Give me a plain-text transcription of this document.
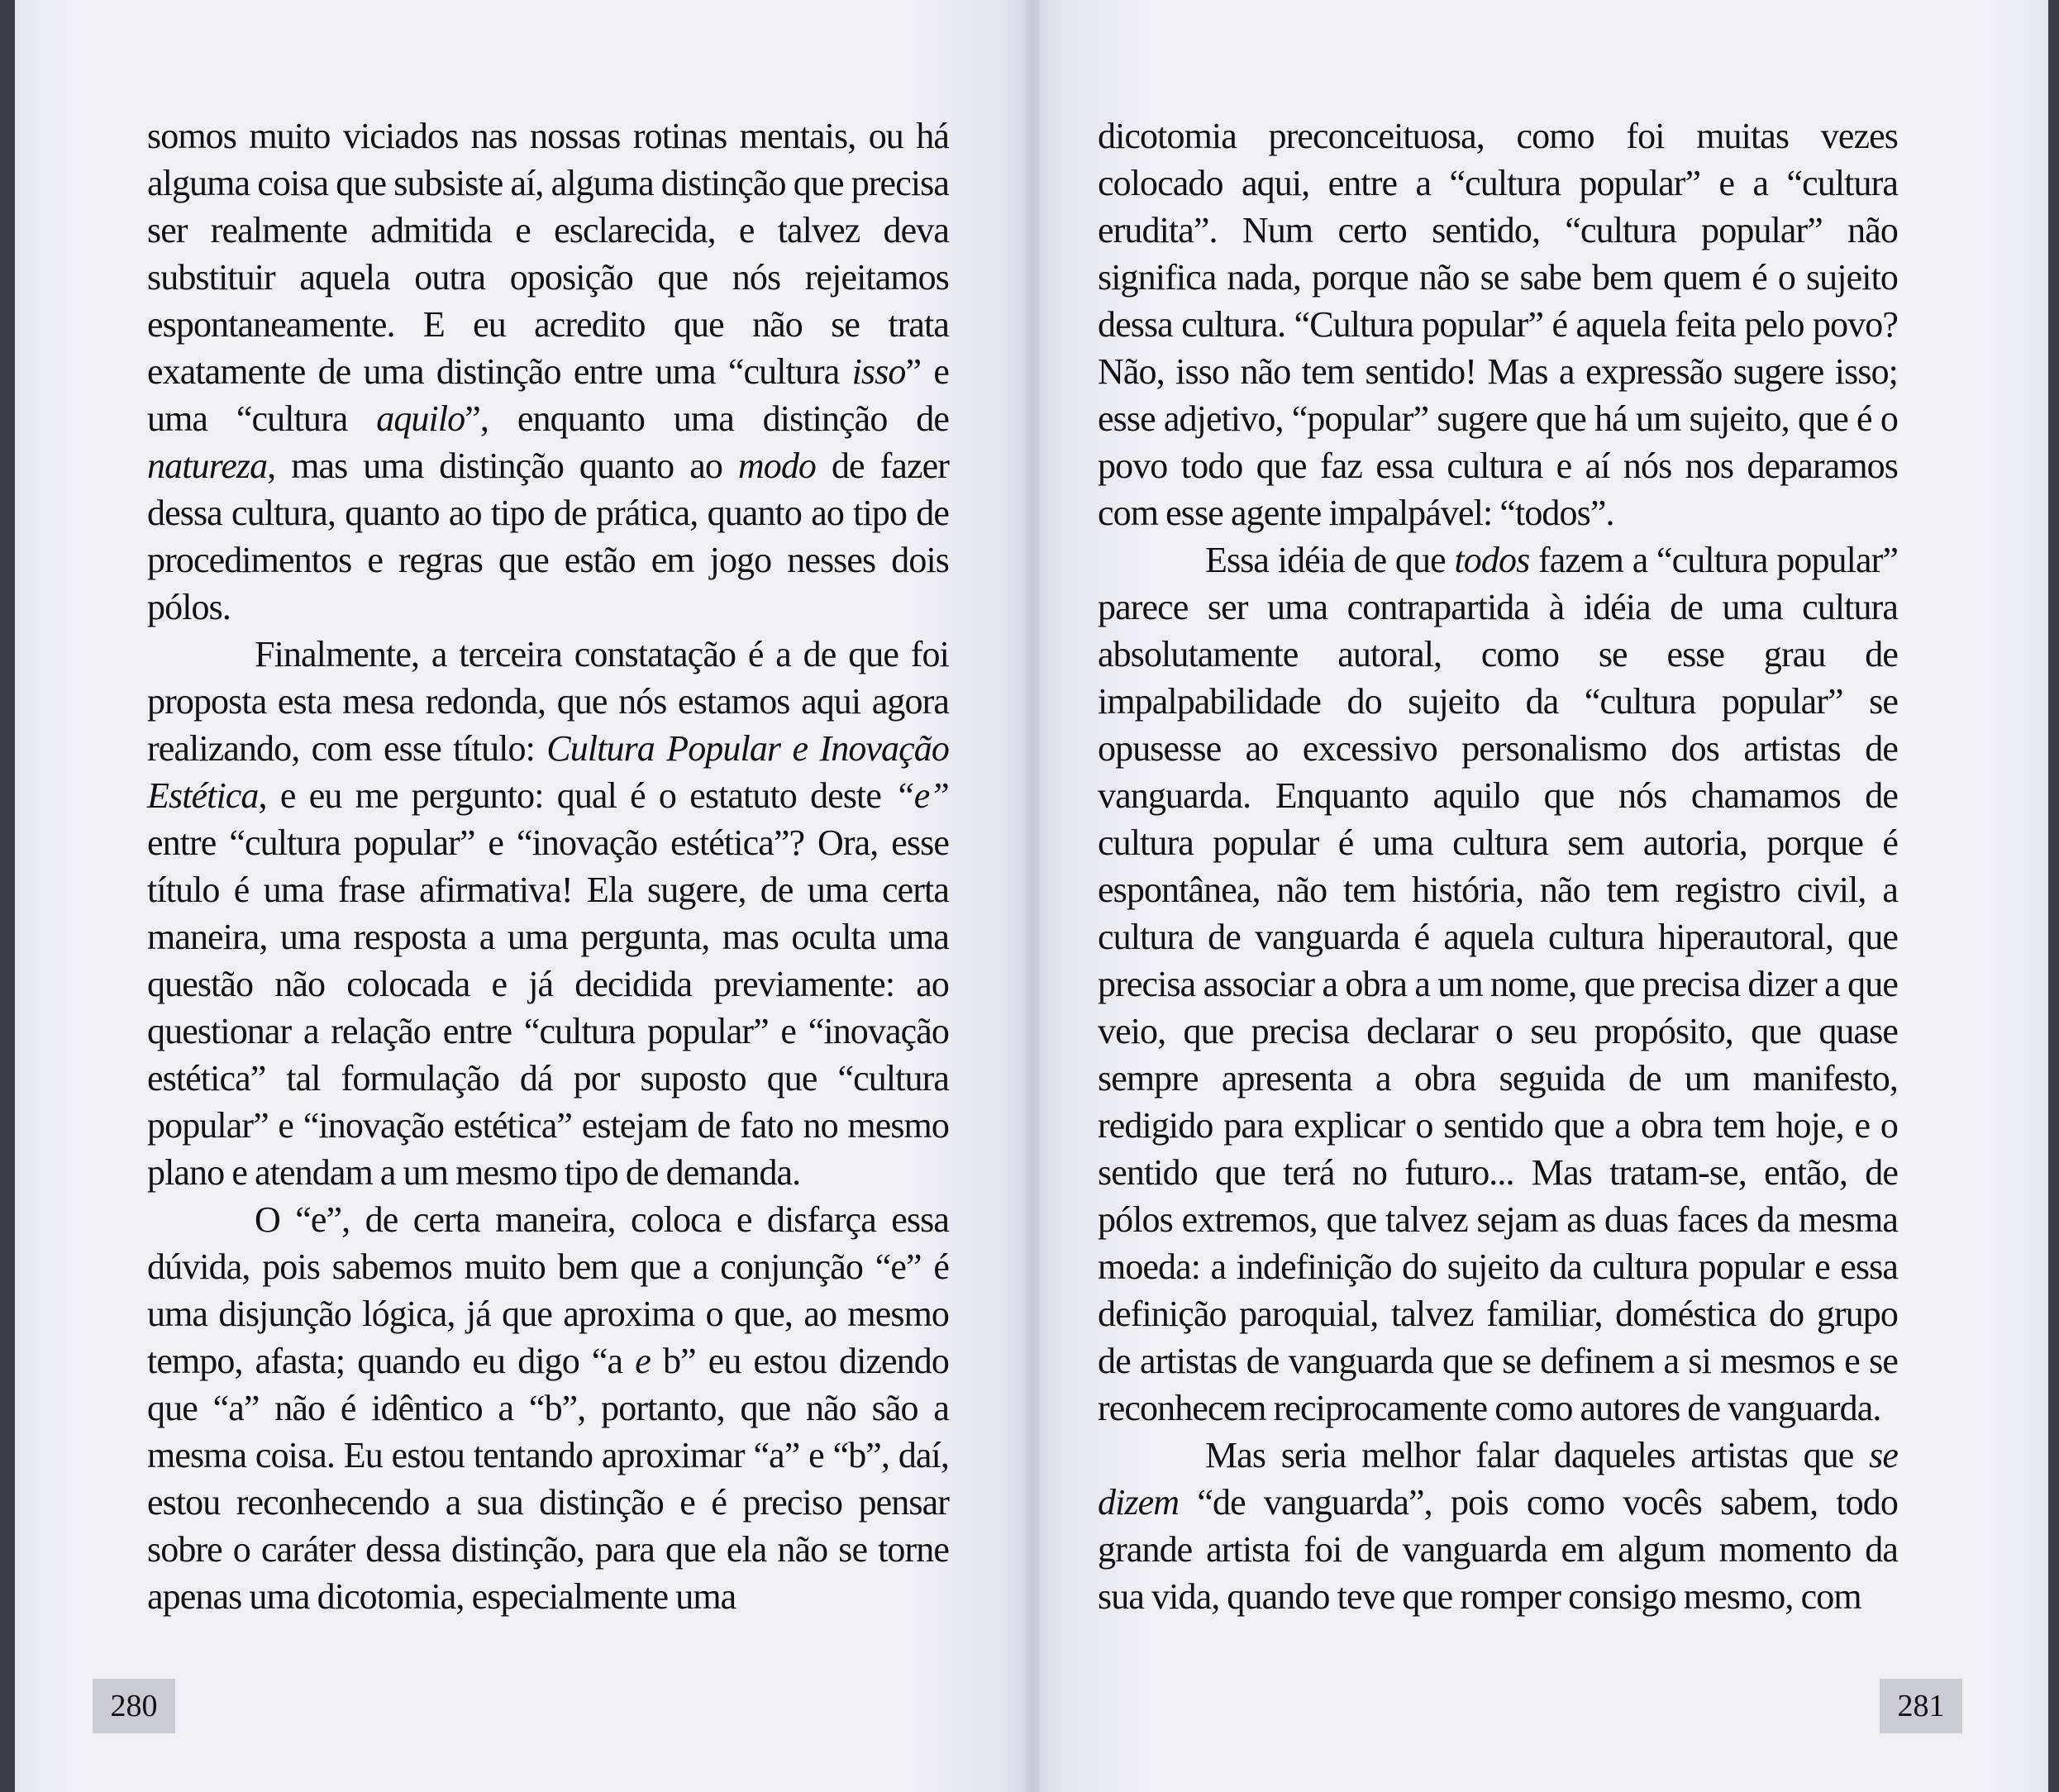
somos muito viciados nas nossas rotinas mentais, ou há alguma coisa que subsiste aí, alguma distinção que precisa ser realmente admitida e esclarecida, e talvez deva substituir aquela outra oposição que nós rejeitamos espontaneamente. E eu acredito que não se trata exatamente de uma distinção entre uma “cultura isso” e uma “cultura aquilo”, enquanto uma distinção de natureza, mas uma distinção quanto ao modo de fazer dessa cultura, quanto ao tipo de prática, quanto ao tipo de procedimentos e regras que estão em jogo nesses dois pólos.

Finalmente, a terceira constatação é a de que foi proposta esta mesa redonda, que nós estamos aqui agora realizando, com esse título: Cultura Popular e Inovação Estética, e eu me pergunto: qual é o estatuto deste “e” entre “cultura popular” e “inovação estética”? Ora, esse título é uma frase afirmativa! Ela sugere, de uma certa maneira, uma resposta a uma pergunta, mas oculta uma questão não colocada e já decidida previamente: ao questionar a relação entre “cultura popular” e “inovação estética” tal formulação dá por suposto que “cultura popular” e “inovação estética” estejam de fato no mesmo plano e atendam a um mesmo tipo de demanda.

O “e”, de certa maneira, coloca e disfarça essa dúvida, pois sabemos muito bem que a conjunção “e” é uma disjunção lógica, já que aproxima o que, ao mesmo tempo, afasta; quando eu digo “a e b” eu estou dizendo que “a” não é idêntico a “b”, portanto, que não são a mesma coisa. Eu estou tentando aproximar “a” e “b”, daí, estou reconhecendo a sua distinção e é preciso pensar sobre o caráter dessa distinção, para que ela não se torne apenas uma dicotomia, especialmente uma

dicotomia preconceituosa, como foi muitas vezes colocado aqui, entre a “cultura popular” e a “cultura erudita”. Num certo sentido, “cultura popular” não significa nada, porque não se sabe bem quem é o sujeito dessa cultura. “Cultura popular” é aquela feita pelo povo? Não, isso não tem sentido! Mas a expressão sugere isso; esse adjetivo, “popular” sugere que há um sujeito, que é o povo todo que faz essa cultura e aí nós nos deparamos com esse agente impalpável: “todos”.

Essa idéia de que todos fazem a “cultura popular” parece ser uma contrapartida à idéia de uma cultura absolutamente autoral, como se esse grau de impalpabilidade do sujeito da “cultura popular” se opusesse ao excessivo personalismo dos artistas de vanguarda. Enquanto aquilo que nós chamamos de cultura popular é uma cultura sem autoria, porque é espontânea, não tem história, não tem registro civil, a cultura de vanguarda é aquela cultura hiperautoral, que precisa associar a obra a um nome, que precisa dizer a que veio, que precisa declarar o seu propósito, que quase sempre apresenta a obra seguida de um manifesto, redigido para explicar o sentido que a obra tem hoje, e o sentido que terá no futuro... Mas tratam-se, então, de pólos extremos, que talvez sejam as duas faces da mesma moeda: a indefinição do sujeito da cultura popular e essa definição paroquial, talvez familiar, doméstica do grupo de artistas de vanguarda que se definem a si mesmos e se reconhecem reciprocamente como autores de vanguarda.

Mas seria melhor falar daqueles artistas que se dizem “de vanguarda”, pois como vocês sabem, todo grande artista foi de vanguarda em algum momento da sua vida, quando teve que romper consigo mesmo, com

280	281
